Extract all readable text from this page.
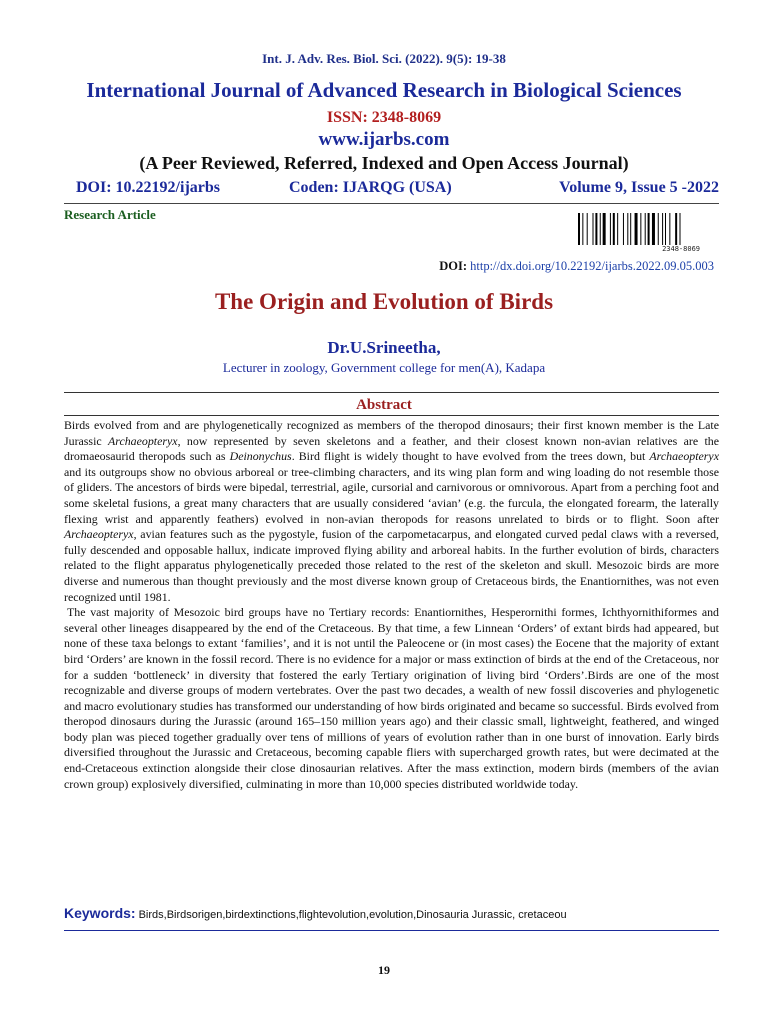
Int. J. Adv. Res. Biol. Sci. (2022). 9(5): 19-38
International Journal of Advanced Research in Biological Sciences
ISSN: 2348-8069
www.ijarbs.com
(A Peer Reviewed, Referred, Indexed and Open Access Journal)
DOI: 10.22192/ijarbs	Coden: IJARQG (USA)	Volume 9, Issue 5 -2022
Research Article
2348-8069
DOI: http://dx.doi.org/10.22192/ijarbs.2022.09.05.003
The Origin and Evolution of Birds
Dr.U.Srineetha,
Lecturer in zoology, Government college for men(A), Kadapa
Abstract

Birds evolved from and are phylogenetically recognized as members of the theropod dinosaurs; their first known member is the Late Jurassic Archaeopteryx, now represented by seven skeletons and a feather, and their closest known non-avian relatives are the dromaeosaurid theropods such as Deinonychus. Bird flight is widely thought to have evolved from the trees down, but Archaeopteryx and its outgroups show no obvious arboreal or tree-climbing characters, and its wing plan form and wing loading do not resemble those of gliders. The ancestors of birds were bipedal, terrestrial, agile, cursorial and carnivorous or omnivorous. Apart from a perching foot and some skeletal fusions, a great many characters that are usually considered ‘avian’ (e.g. the furcula, the elongated forearm, the laterally flexing wrist and apparently feathers) evolved in non-avian theropods for reasons unrelated to birds or to flight. Soon after Archaeopteryx, avian features such as the pygostyle, fusion of the carpometacarpus, and elongated curved pedal claws with a reversed, fully descended and opposable hallux, indicate improved flying ability and arboreal habits. In the further evolution of birds, characters related to the flight apparatus phylogenetically preceded those related to the rest of the skeleton and skull. Mesozoic birds are more diverse and numerous than thought previously and the most diverse known group of Cretaceous birds, the Enantiornithes, was not even recognized until 1981.

The vast majority of Mesozoic bird groups have no Tertiary records: Enantiornithes, Hesperornithi formes, Ichthyornithiformes and several other lineages disappeared by the end of the Cretaceous. By that time, a few Linnean ‘Orders’ of extant birds had appeared, but none of these taxa belongs to extant ‘families’, and it is not until the Paleocene or (in most cases) the Eocene that the majority of extant bird ‘Orders’ are known in the fossil record. There is no evidence for a major or mass extinction of birds at the end of the Cretaceous, nor for a sudden ‘bottleneck’ in diversity that fostered the early Tertiary origination of living bird ‘Orders’.Birds are one of the most recognizable and diverse groups of modern vertebrates. Over the past two decades, a wealth of new fossil discoveries and phylogenetic and macro evolutionary studies has transformed our understanding of how birds originated and became so successful. Birds evolved from theropod dinosaurs during the Jurassic (around 165–150 million years ago) and their classic small, lightweight, feathered, and winged body plan was pieced together gradually over tens of millions of years of evolution rather than in one burst of innovation. Early birds diversified throughout the Jurassic and Cretaceous, becoming capable fliers with supercharged growth rates, but were decimated at the end-Cretaceous extinction alongside their close dinosaurian relatives. After the mass extinction, modern birds (members of the avian crown group) explosively diversified, culminating in more than 10,000 species distributed worldwide today.

Keywords: Birds,Birdsorigen,birdextinctions,flightevolution,evolution,Dinosauria Jurassic, cretaceou
19
